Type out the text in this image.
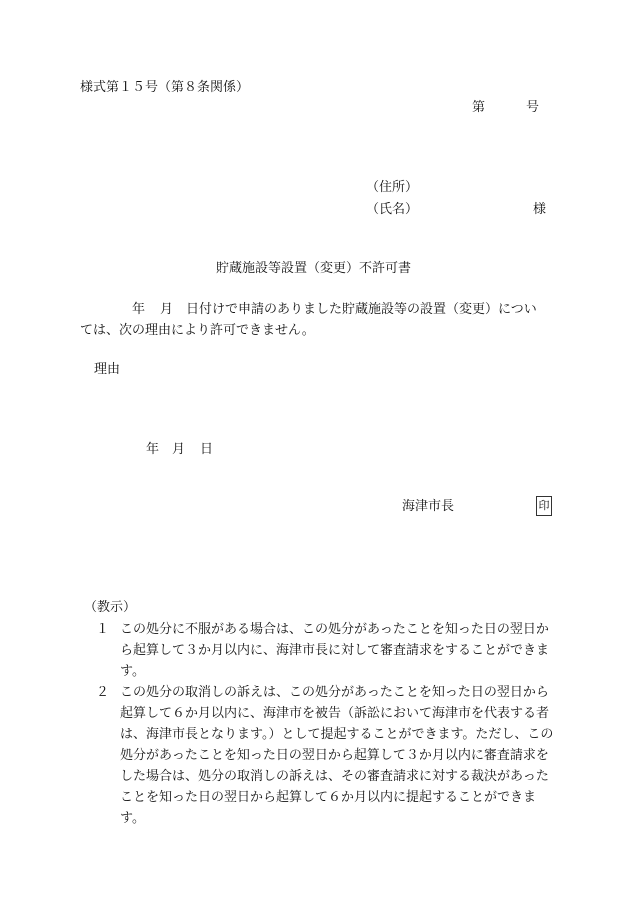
様式第１５号（第８条関係）
第	号
（住所）
（氏名）	様
貯蔵施設等設置（変更）不許可書
年 月 日付けで申請のありました貯蔵施設等の設置（変更）につい
ては、次の理由により許可できません。
理由
年 月 日
海津市長	印
（教示）
１ この処分に不服がある場合は、この処分があったことを知った日の翌日から起算して３か月以内に、海津市長に対して審査請求をすることができます。
２ この処分の取消しの訴えは、この処分があったことを知った日の翌日から起算して６か月以内に、海津市を被告（訴訟において海津市を代表する者は、海津市長となります。）として提起することができます。ただし、この処分があったことを知った日の翌日から起算して３か月以内に審査請求をした場合は、処分の取消しの訴えは、その審査請求に対する裁決があったことを知った日の翌日から起算して６か月以内に提起することができます。
